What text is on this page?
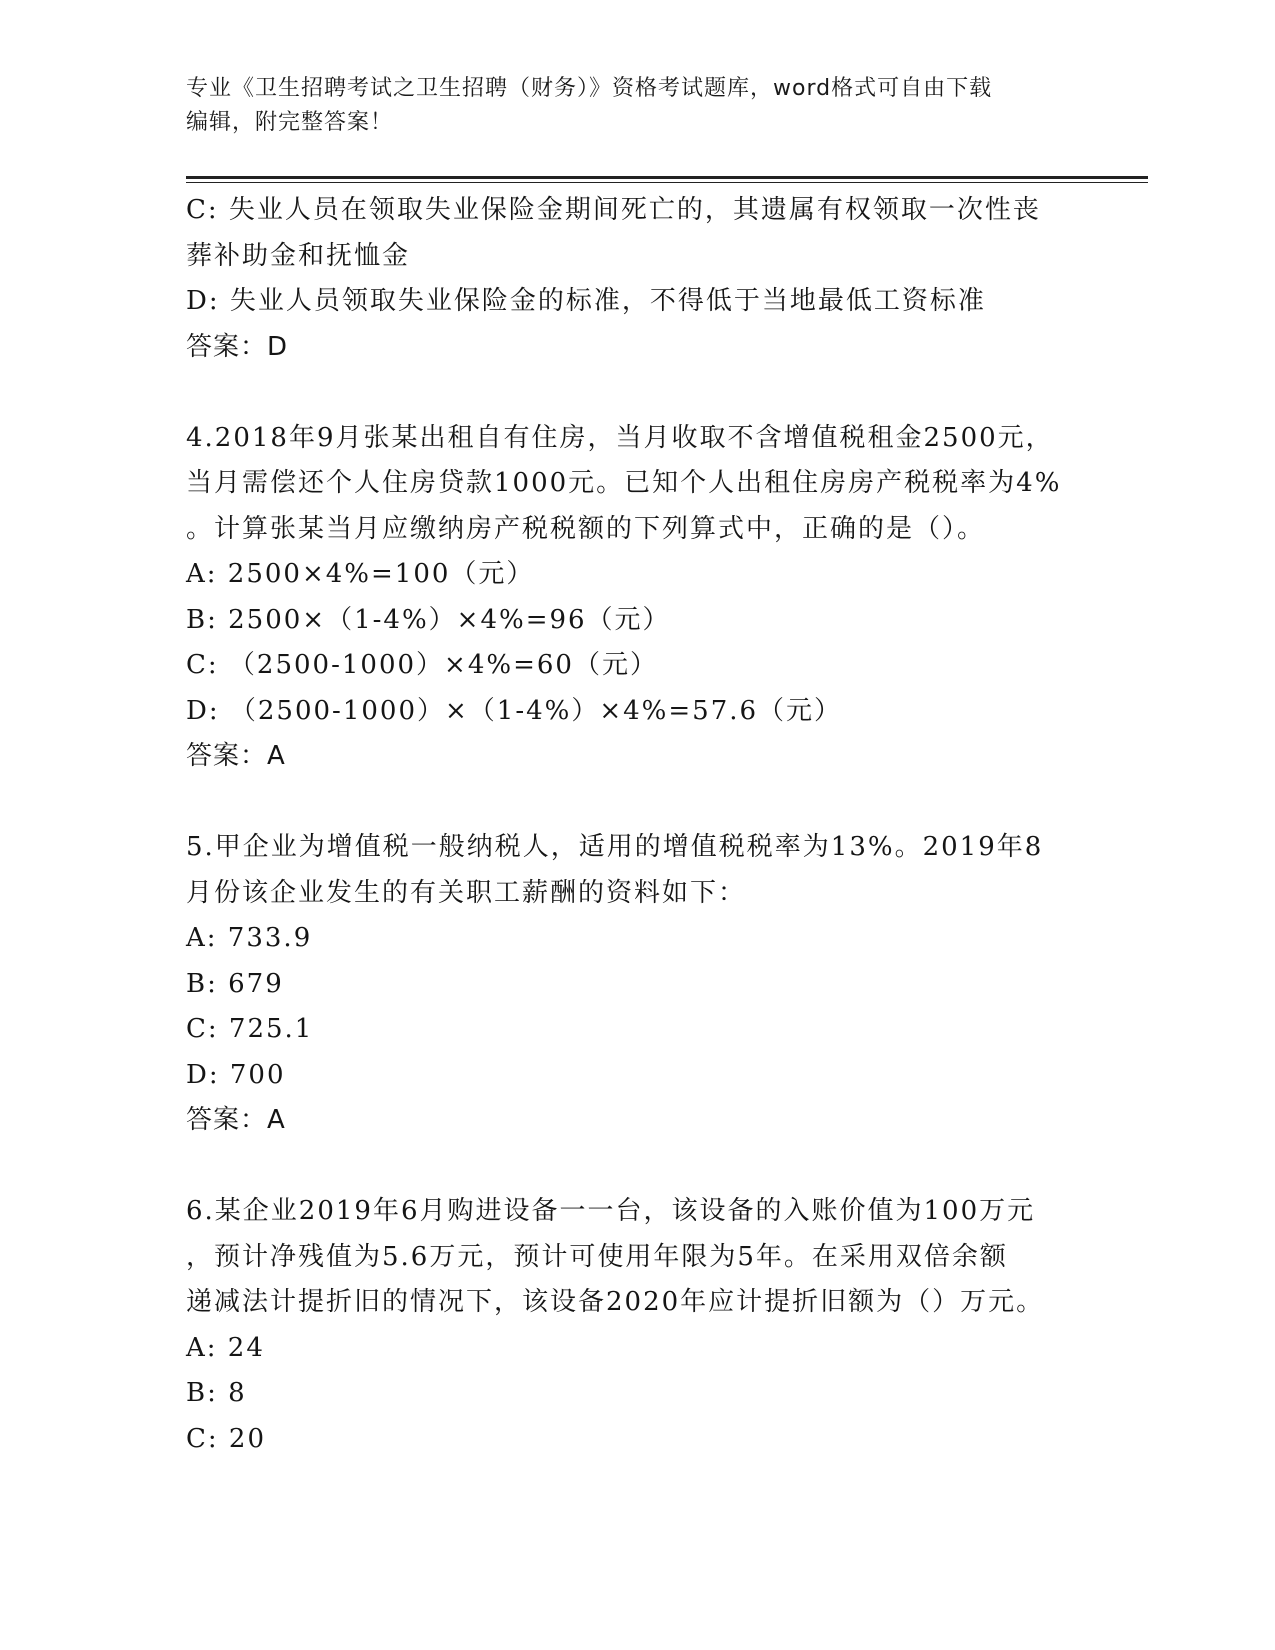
专业《卫生招聘考试之卫生招聘（财务）》资格考试题库，word格式可自由下载
编辑，附完整答案！
C: 失业人员在领取失业保险金期间死亡的，其遗属有权领取一次性丧
葬补助金和抚恤金
D: 失业人员领取失业保险金的标准，不得低于当地最低工资标准
答案：D
4.2018年9月张某出租自有住房，当月收取不含增值税租金2500元，
当月需偿还个人住房贷款1000元。已知个人出租住房房产税税率为4%
。计算张某当月应缴纳房产税税额的下列算式中，正确的是（）。
A: 2500×4%=100（元）
B: 2500×（1-4%）×4%=96（元）
C: （2500-1000）×4%=60（元）
D: （2500-1000）×（1-4%）×4%=57.6（元）
答案：A
5.甲企业为增值税一般纳税人，适用的增值税税率为13%。2019年8
月份该企业发生的有关职工薪酬的资料如下：
A: 733.9
B: 679
C: 725.1
D: 700
答案：A
6.某企业2019年6月购进设备一一台，该设备的入账价值为100万元
，预计净残值为5.6万元，预计可使用年限为5年。在采用双倍余额
递减法计提折旧的情况下，该设备2020年应计提折旧额为（）万元。
A: 24
B: 8
C: 20
